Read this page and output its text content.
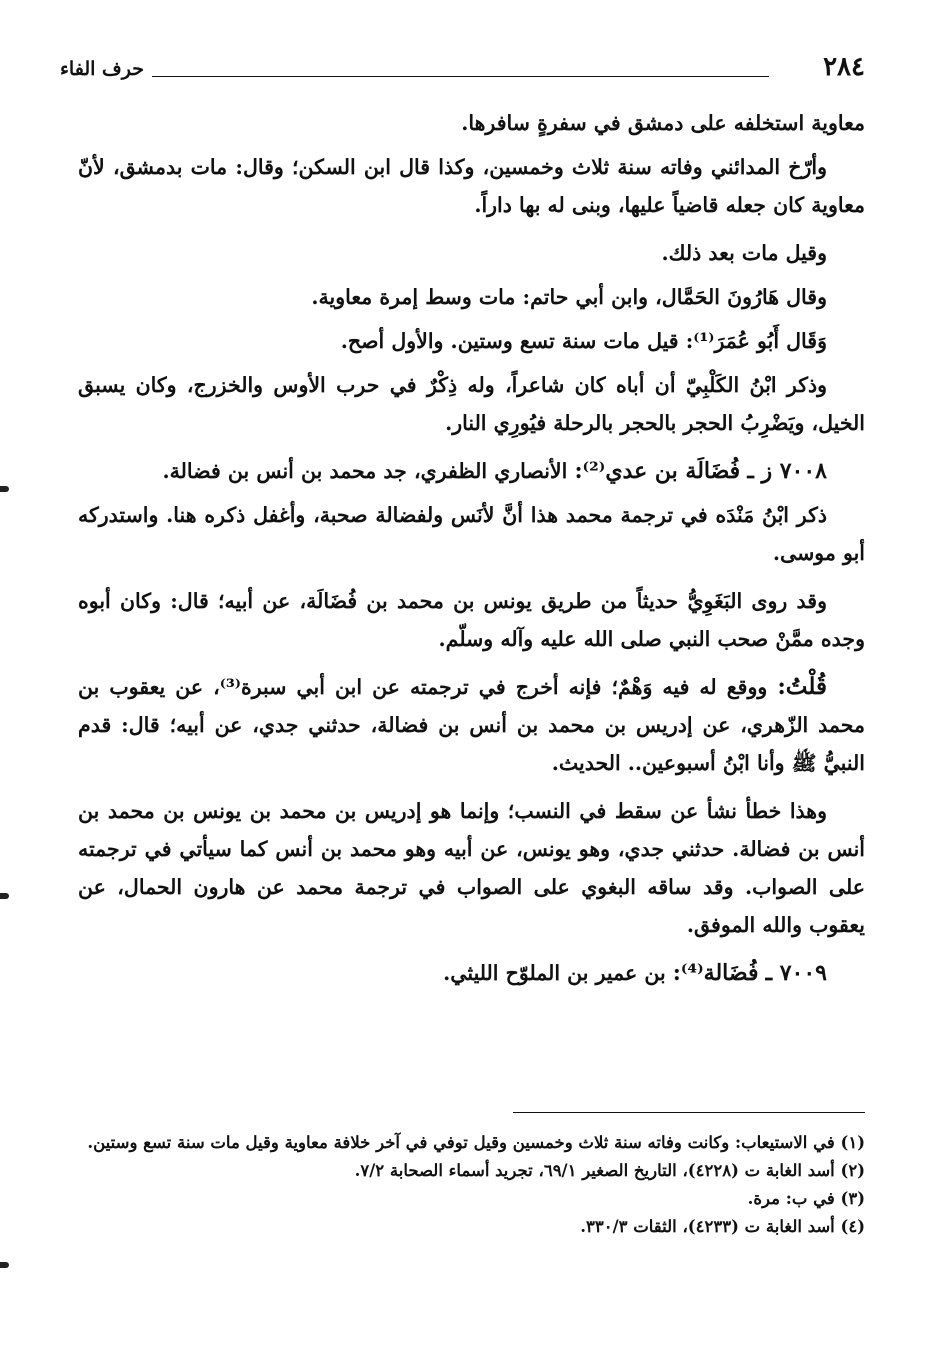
٢٨٤
حرف الفاء

معاوية استخلفه على دمشق في سفرةٍ سافرها.

وأرّخ المدائني وفاته سنة ثلاث وخمسين، وكذا قال ابن السكن؛ وقال: مات بدمشق، لأنّ معاوية كان جعله قاضياً عليها، وبنى له بها داراً.

وقيل مات بعد ذلك.

وقال هَارُونَ الحَمَّال، وابن أبي حاتم: مات وسط إمرة معاوية.

وَقَال أَبُو عُمَرَ⁽¹⁾: قيل مات سنة تسع وستين. والأول أصح.

وذكر ابْنُ الكَلْبِيّ أن أباه كان شاعراً، وله ذِكْرٌ في حرب الأوس والخزرج، وكان يسبق الخيل، ويَضْرِبُ الحجر بالحجر بالرحلة فيُورِي النار.

٧٠٠٨ ز ـ فُضَالَة بن عدي⁽²⁾: الأنصاري الظفري، جد محمد بن أنس بن فضالة.

ذكر ابْنُ مَنْدَه في ترجمة محمد هذا أنَّ لأنَس ولفضالة صحبة، وأغفل ذكره هنا. واستدركه أبو موسى.

وقد روى البَغَوِيُّ حديثاً من طريق يونس بن محمد بن فُضَالَة، عن أبيه؛ قال: وكان أبوه وجده ممَّنْ صحب النبي صلى الله عليه وآله وسلّم.

قُلْتُ: ووقع له فيه وَهْمٌ؛ فإنه أخرج في ترجمته عن ابن أبي سبرة⁽³⁾، عن يعقوب بن محمد الزّهري، عن إدريس بن محمد بن أنس بن فضالة، حدثني جدي، عن أبيه؛ قال: قدم النبيُّ ﷺ وأنا ابْنُ أسبوعين.. الحديث.

وهذا خطأ نشأ عن سقط في النسب؛ وإنما هو إدريس بن محمد بن يونس بن محمد بن أنس بن فضالة. حدثني جدي، وهو يونس، عن أبيه وهو محمد بن أنس كما سيأتي في ترجمته على الصواب. وقد ساقه البغوي على الصواب في ترجمة محمد عن هارون الحمال، عن يعقوب والله الموفق.

٧٠٠٩ ـ فُضَالة⁽⁴⁾: بن عمير بن الملوّح الليثي.

(١) في الاستيعاب: وكانت وفاته سنة ثلاث وخمسين وقيل توفي في آخر خلافة معاوية وقيل مات سنة تسع وستين.

(٢) أسد الغابة ت (٤٢٢٨)، التاريخ الصغير ٦٩/١، تجريد أسماء الصحابة ٧/٢.

(٣) في ب: مرة.

(٤) أسد الغابة ت (٤٢٣٣)، الثقات ٣٣٠/٣.
